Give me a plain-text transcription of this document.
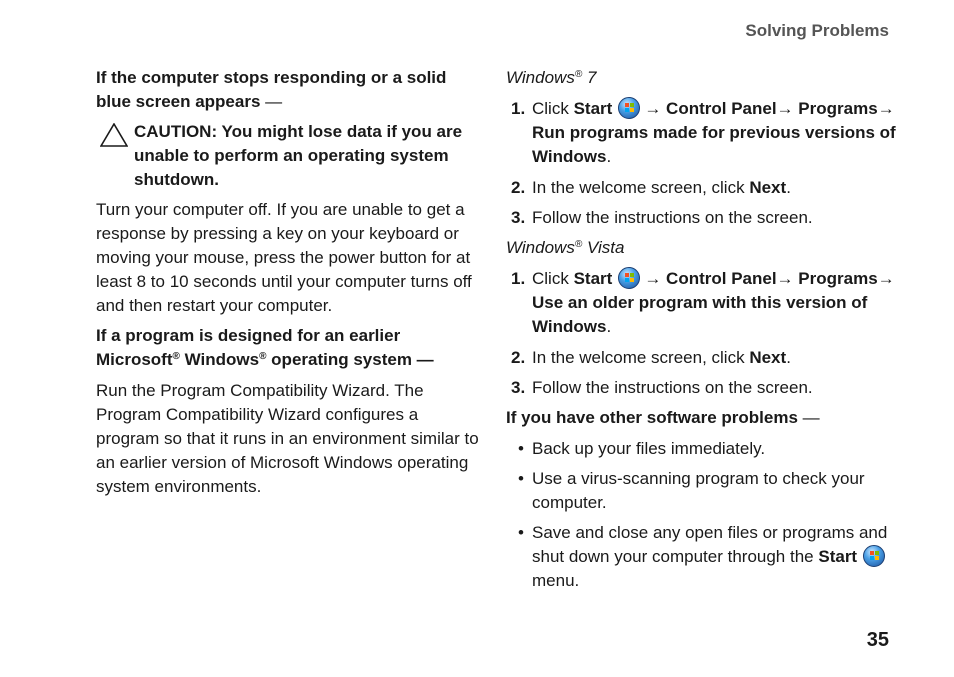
Solving Problems

If the computer stops responding or a solid blue screen appears —

CAUTION: You might lose data if you are unable to perform an operating system shutdown.

Turn your computer off. If you are unable to get a response by pressing a key on your keyboard or moving your mouse, press the power button for at least 8 to 10 seconds until your computer turns off and then restart your computer.

If a program is designed for an earlier Microsoft® Windows® operating system —

Run the Program Compatibility Wizard. The Program Compatibility Wizard configures a program so that it runs in an environment similar to an earlier version of Microsoft Windows operating system environments.

Windows® 7

1. Click Start → Control Panel→ Programs→ Run programs made for previous versions of Windows.
2. In the welcome screen, click Next.
3. Follow the instructions on the screen.

Windows® Vista

1. Click Start → Control Panel→ Programs→ Use an older program with this version of Windows.
2. In the welcome screen, click Next.
3. Follow the instructions on the screen.

If you have other software problems —

• Back up your files immediately.
• Use a virus-scanning program to check your computer.
• Save and close any open files or programs and shut down your computer through the Startmenu.
35
